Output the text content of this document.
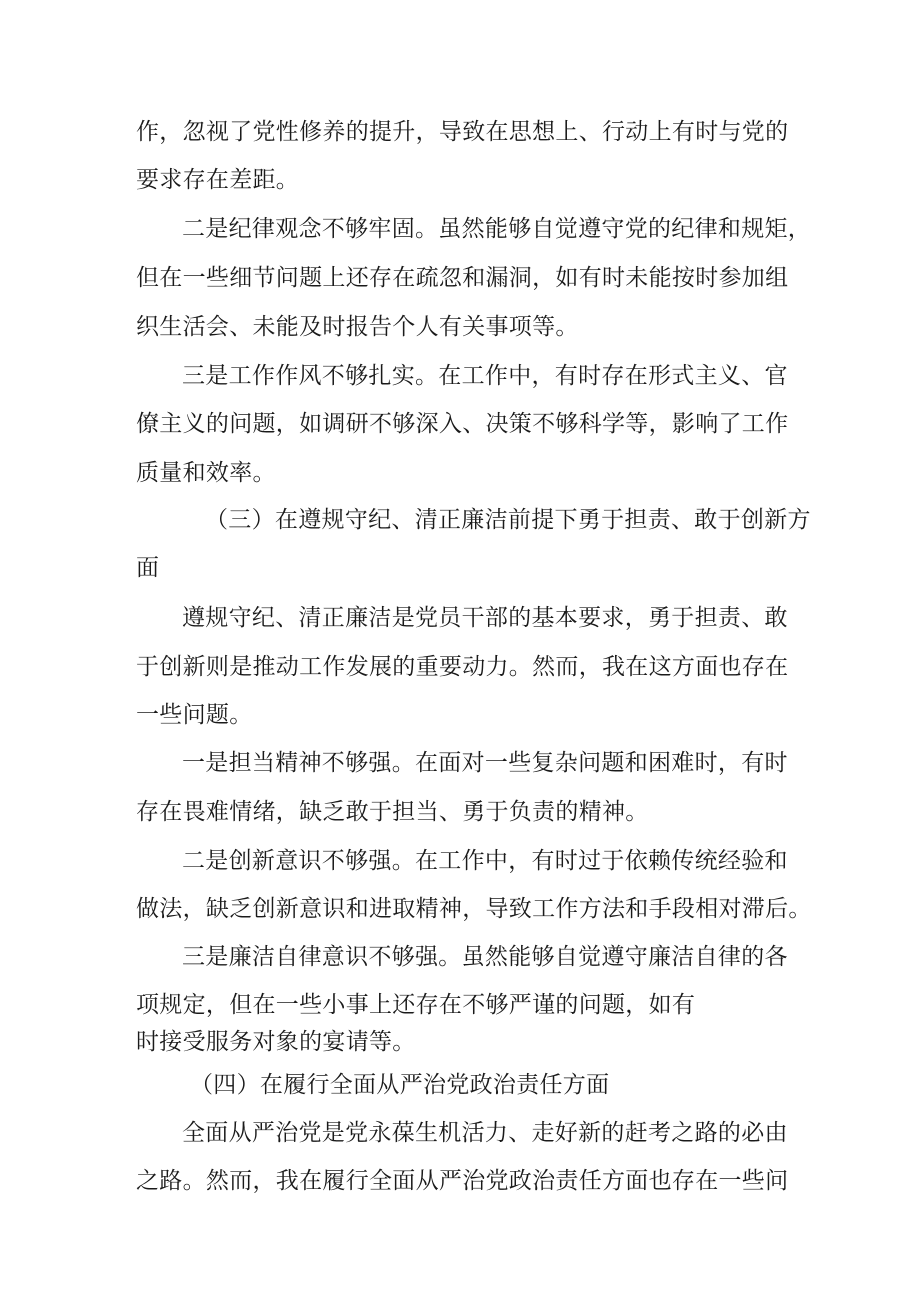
作，忽视了党性修养的提升，导致在思想上、行动上有时与党的
要求存在差距。
二是纪律观念不够牢固。虽然能够自觉遵守党的纪律和规矩，
但在一些细节问题上还存在疏忽和漏洞，如有时未能按时参加组
织生活会、未能及时报告个人有关事项等。
三是工作作风不够扎实。在工作中，有时存在形式主义、官
僚主义的问题，如调研不够深入、决策不够科学等，影响了工作
质量和效率。
（三）在遵规守纪、清正廉洁前提下勇于担责、敢于创新方
面
遵规守纪、清正廉洁是党员干部的基本要求，勇于担责、敢
于创新则是推动工作发展的重要动力。然而，我在这方面也存在
一些问题。
一是担当精神不够强。在面对一些复杂问题和困难时，有时
存在畏难情绪，缺乏敢于担当、勇于负责的精神。
二是创新意识不够强。在工作中，有时过于依赖传统经验和
做法，缺乏创新意识和进取精神，导致工作方法和手段相对滞后。
三是廉洁自律意识不够强。虽然能够自觉遵守廉洁自律的各
项规定，但在一些小事上还存在不够严谨的问题，如有
时接受服务对象的宴请等。
（四）在履行全面从严治党政治责任方面
全面从严治党是党永葆生机活力、走好新的赶考之路的必由
之路。然而，我在履行全面从严治党政治责任方面也存在一些问
